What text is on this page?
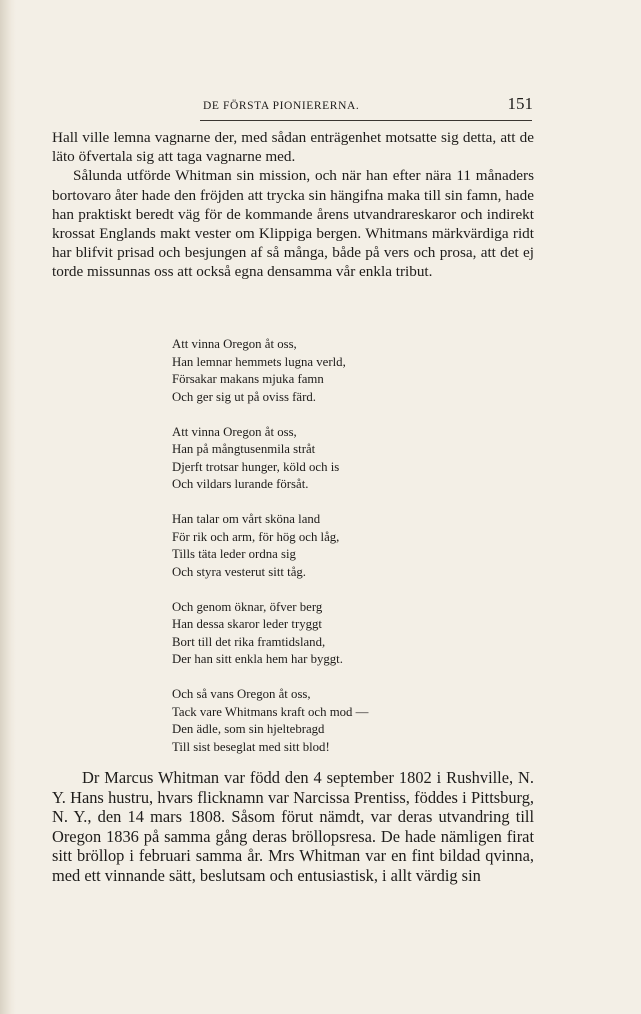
DE FÖRSTA PIONIERERNA.	151

Hall ville lemna vagnarne der, med sådan enträgenhet motsatte sig detta, att de läto öfvertala sig att taga vagnarne med.

Sålunda utförde Whitman sin mission, och när han efter nära 11 månaders bortovaro åter hade den fröjden att trycka sin hängifna maka till sin famn, hade han praktiskt beredt väg för de kommande årens utvandrareskaror och indirekt krossat Englands makt vester om Klippiga bergen. Whitmans märkvärdiga ridt har blifvit prisad och besjungen af så många, både på vers och prosa, att det ej torde missunnas oss att också egna densamma vår enkla tribut.

Att vinna Oregon åt oss,
Han lemnar hemmets lugna verld,
Försakar makans mjuka famn
Och ger sig ut på oviss färd.
Att vinna Oregon åt oss,
Han på mångtusenmila stråt
Djerft trotsar hunger, köld och is
Och vildars lurande försåt.
Han talar om vårt sköna land
För rik och arm, för hög och låg,
Tills täta leder ordna sig
Och styra vesterut sitt tåg.
Och genom öknar, öfver berg
Han dessa skaror leder tryggt
Bort till det rika framtidsland,
Der han sitt enkla hem har byggt.
Och så vans Oregon åt oss,
Tack vare Whitmans kraft och mod —
Den ädle, som sin hjeltebragd
Till sist beseglat med sitt blod!

Dr Marcus Whitman var född den 4 september 1802 i Rushville, N. Y. Hans hustru, hvars flicknamn var Narcissa Prentiss, föddes i Pittsburg, N. Y., den 14 mars 1808. Såsom förut nämdt, var deras utvandring till Oregon 1836 på samma gång deras bröllopsresa. De hade nämligen firat sitt bröllop i februari samma år. Mrs Whitman var en fint bildad qvinna, med ett vinnande sätt, beslutsam och entusiastisk, i allt värdig sin
